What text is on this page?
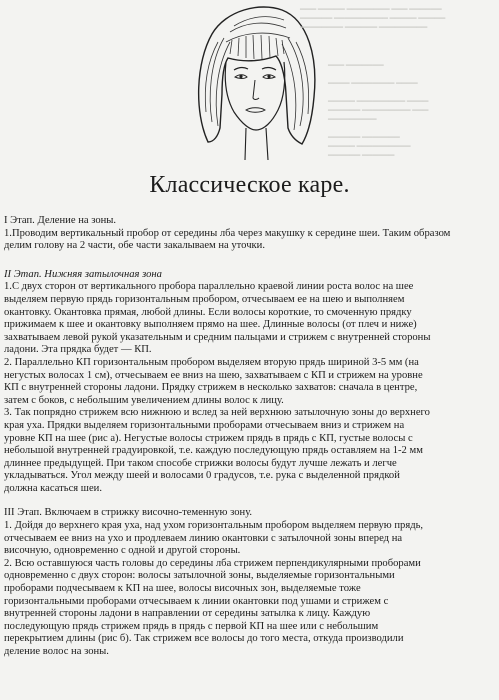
▁▁▁ ▁▁▁▁▁ ▁▁▁▁▁▁▁▁ ▁▁▁ ▁▁▁▁▁▁
▁▁▁▁▁▁ ▁▁▁▁▁▁▁▁▁▁ ▁▁▁▁▁ ▁▁▁▁▁
▁▁▁▁▁▁▁▁ ▁▁▁▁▁▁ ▁▁▁▁▁▁▁▁▁
▁▁▁ ▁▁▁▁▁▁▁

▁▁▁▁ ▁▁▁▁▁▁▁▁ ▁▁▁▁

▁▁▁▁▁ ▁▁▁▁▁▁▁▁▁ ▁▁▁▁
▁▁▁▁▁▁ ▁▁▁▁▁▁▁▁▁ ▁▁▁
▁▁▁▁▁▁▁▁▁

▁▁▁▁▁▁ ▁▁▁▁▁▁▁
▁▁▁▁▁ ▁▁▁▁▁▁▁▁▁▁
▁▁▁▁▁▁ ▁▁▁▁▁▁
Классическое каре.
I Этап. Деление на зоны.
1.Проводим вертикальный пробор от середины лба через макушку к середине шеи. Таким образом
делим голову на 2 части, обе части закалываем на уточки.
II Этап. Нижняя затылочная зона
1.С двух сторон от вертикального пробора параллельно краевой линии роста волос на шее
выделяем первую прядь горизонтальным пробором, отчесываем ее на шею и выполняем
окантовку. Окантовка прямая, любой длины. Если волосы короткие, то смоченную прядку
прижимаем к шее и окантовку выполняем прямо на шее. Длинные волосы (от плеч и ниже)
захватываем левой рукой указательным и средним пальцами и стрижем с внутренней стороны
ладони. Эта прядка будет — КП.
2. Параллельно КП горизонтальным пробором выделяем вторую прядь шириной 3-5 мм (на
негустых волосах 1 см), отчесываем ее вниз на шею, захватываем с КП и стрижем на уровне
КП с внутренней стороны ладони. Прядку стрижем в несколько захватов: сначала в центре,
затем с боков, с небольшим увеличением длины волос к лицу.
3. Так попрядно стрижем всю нижнюю и вслед за ней верхнюю затылочную зоны до верхнего
края уха. Прядки выделяем горизонтальными проборами отчесываем вниз и стрижем на
уровне КП на шее (рис а). Негустые волосы стрижем прядь в прядь с КП, густые волосы с
небольшой внутренней градуировкой, т.е. каждую последующую прядь оставляем на 1-2 мм
длиннее предыдущей. При таком способе стрижки волосы будут лучше лежать и легче
укладываться. Угол между шеей и волосами 0 градусов, т.е. рука с выделенной прядкой
должна касаться шеи.
III Этап. Включаем в стрижку височно-теменную зону.
1. Дойдя до верхнего края уха, над ухом горизонтальным пробором выделяем первую прядь,
отчесываем ее вниз на ухо и продлеваем линию окантовки с затылочной зоны вперед на
височную, одновременно с одной и другой стороны.
2. Всю оставшуюся часть головы до середины лба стрижем перпендикулярными проборами
одновременно с двух сторон: волосы затылочной зоны, выделяемые горизонтальными
проборами подчесываем к КП на шее, волосы височных зон, выделяемые тоже
горизонтальными проборами отчесываем к линии окантовки под ушами и стрижем с
внутренней стороны ладони в направлении от середины затылка к лицу. Каждую
последующую прядь стрижем прядь в прядь с первой КП на шее или с небольшим
перекрытием длины (рис б). Так стрижем все волосы до того места, откуда производили
деление волос на зоны.
